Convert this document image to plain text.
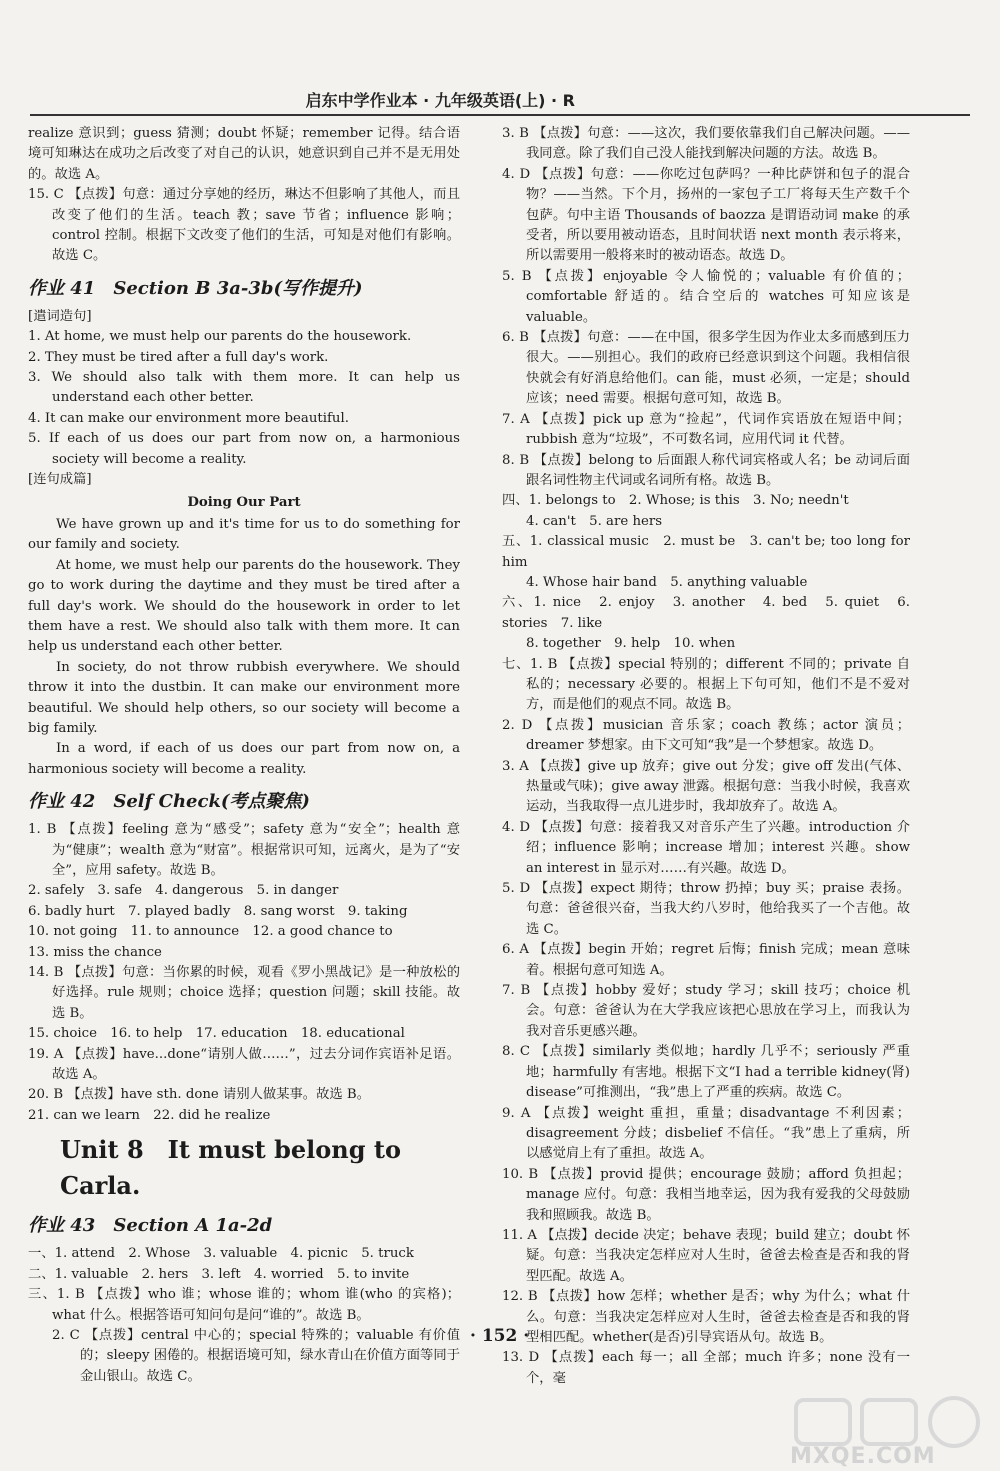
启东中学作业本 · 九年级英语(上) · R

realize 意识到；guess 猜测；doubt 怀疑；remember 记得。结合语境可知琳达在成功之后改变了对自己的认识，她意识到自己并不是无用处的。故选 A。

15. C 【点拨】句意：通过分享她的经历，琳达不但影响了其他人，而且改变了他们的生活。teach 教；save 节省；influence 影响；control 控制。根据下文改变了他们的生活，可知是对他们有影响。故选 C。

作业 41　Section B 3a-3b(写作提升)

[遣词造句]

1. At home, we must help our parents do the housework.

2. They must be tired after a full day's work.

3. We should also talk with them more. It can help us understand each other better.

4. It can make our environment more beautiful.

5. If each of us does our part from now on, a harmonious society will become a reality.

[连句成篇]

Doing Our Part

We have grown up and it's time for us to do something for our family and society.

At home, we must help our parents do the housework. They go to work during the daytime and they must be tired after a full day's work. We should do the housework in order to let them have a rest. We should also talk with them more. It can help us understand each other better.

In society, do not throw rubbish everywhere. We should throw it into the dustbin. It can make our environment more beautiful. We should help others, so our society will become a big family.

In a word, if each of us does our part from now on, a harmonious society will become a reality.

作业 42　Self Check(考点聚焦)

1. B 【点拨】feeling 意为“感受”；safety 意为“安全”；health 意为“健康”；wealth 意为“财富”。根据常识可知，远离火，是为了“安全”，应用 safety。故选 B。

2. safely　3. safe　4. dangerous　5. in danger

6. badly hurt　7. played badly　8. sang worst　9. taking

10. not going　11. to announce　12. a good chance to

13. miss the chance

14. B 【点拨】句意：当你累的时候，观看《罗小黑战记》是一种放松的好选择。rule 规则；choice 选择；question 问题；skill 技能。故选 B。

15. choice　16. to help　17. education　18. educational

19. A 【点拨】have...done“请别人做……”，过去分词作宾语补足语。故选 A。

20. B 【点拨】have sth. done 请别人做某事。故选 B。

21. can we learn　22. did he realize

Unit 8　It must belong to Carla.
作业 43　Section A 1a-2d

一、1. attend　2. Whose　3. valuable　4. picnic　5. truck

二、1. valuable　2. hers　3. left　4. worried　5. to invite

三、1. B 【点拨】who 谁；whose 谁的；whom 谁(who 的宾格)；what 什么。根据答语可知问句是问“谁的”。故选 B。

2. C 【点拨】central 中心的；special 特殊的；valuable 有价值的；sleepy 困倦的。根据语境可知，绿水青山在价值方面等同于金山银山。故选 C。

3. B 【点拨】句意：——这次，我们要依靠我们自己解决问题。——我同意。除了我们自己没人能找到解决问题的方法。故选 B。

4. D 【点拨】句意：——你吃过包萨吗？一种比萨饼和包子的混合物？——当然。下个月，扬州的一家包子工厂将每天生产数千个包萨。句中主语 Thousands of baozza 是谓语动词 make 的承受者，所以要用被动语态，且时间状语 next month 表示将来，所以需要用一般将来时的被动语态。故选 D。

5. B 【点拨】enjoyable 令人愉悦的；valuable 有价值的；comfortable 舒适的。结合空后的 watches 可知应该是 valuable。

6. B 【点拨】句意：——在中国，很多学生因为作业太多而感到压力很大。——别担心。我们的政府已经意识到这个问题。我相信很快就会有好消息给他们。can 能，must 必须，一定是；should 应该；need 需要。根据句意可知，故选 B。

7. A 【点拨】pick up 意为“捡起”，代词作宾语放在短语中间；rubbish 意为“垃圾”，不可数名词，应用代词 it 代替。

8. B 【点拨】belong to 后面跟人称代词宾格或人名；be 动词后面跟名词性物主代词或名词所有格。故选 B。

四、1. belongs to　2. Whose; is this　3. No; needn't

4. can't　5. are hers

五、1. classical music　2. must be　3. can't be; too long for him

4. Whose hair band　5. anything valuable

六、1. nice　2. enjoy　3. another　4. bed　5. quiet　6. stories　7. like

8. together　9. help　10. when

七、1. B 【点拨】special 特别的；different 不同的；private 自私的；necessary 必要的。根据上下句可知，他们不是不爱对方，而是他们的观点不同。故选 B。

2. D 【点拨】musician 音乐家；coach 教练；actor 演员；dreamer 梦想家。由下文可知“我”是一个梦想家。故选 D。

3. A 【点拨】give up 放弃；give out 分发；give off 发出(气体、热量或气味)；give away 泄露。根据句意：当我小时候，我喜欢运动，当我取得一点儿进步时，我却放弃了。故选 A。

4. D 【点拨】句意：接着我又对音乐产生了兴趣。introduction 介绍；influence 影响；increase 增加；interest 兴趣。show an interest in 显示对……有兴趣。故选 D。

5. D 【点拨】expect 期待；throw 扔掉；buy 买；praise 表扬。句意：爸爸很兴奋，当我大约八岁时，他给我买了一个吉他。故选 C。

6. A 【点拨】begin 开始；regret 后悔；finish 完成；mean 意味着。根据句意可知选 A。

7. B 【点拨】hobby 爱好；study 学习；skill 技巧；choice 机会。句意：爸爸认为在大学我应该把心思放在学习上，而我认为我对音乐更感兴趣。

8. C 【点拨】similarly 类似地；hardly 几乎不；seriously 严重地；harmfully 有害地。根据下文“I had a terrible kidney(肾) disease”可推测出，“我”患上了严重的疾病。故选 C。

9. A 【点拨】weight 重担，重量；disadvantage 不利因素；disagreement 分歧；disbelief 不信任。“我”患上了重病，所以感觉肩上有了重担。故选 A。

10. B 【点拨】provid 提供；encourage 鼓励；afford 负担起；manage 应付。句意：我相当地幸运，因为我有爱我的父母鼓励我和照顾我。故选 B。

11. A 【点拨】decide 决定；behave 表现；build 建立；doubt 怀疑。句意：当我决定怎样应对人生时，爸爸去检查是否和我的肾型匹配。故选 A。

12. B 【点拨】how 怎样；whether 是否；why 为什么；what 什么。句意：当我决定怎样应对人生时，爸爸去检查是否和我的肾型相匹配。whether(是否)引导宾语从句。故选 B。

13. D 【点拨】each 每一；all 全部；much 许多；none 没有一个，毫

· 152 ·
MXQE.COM
